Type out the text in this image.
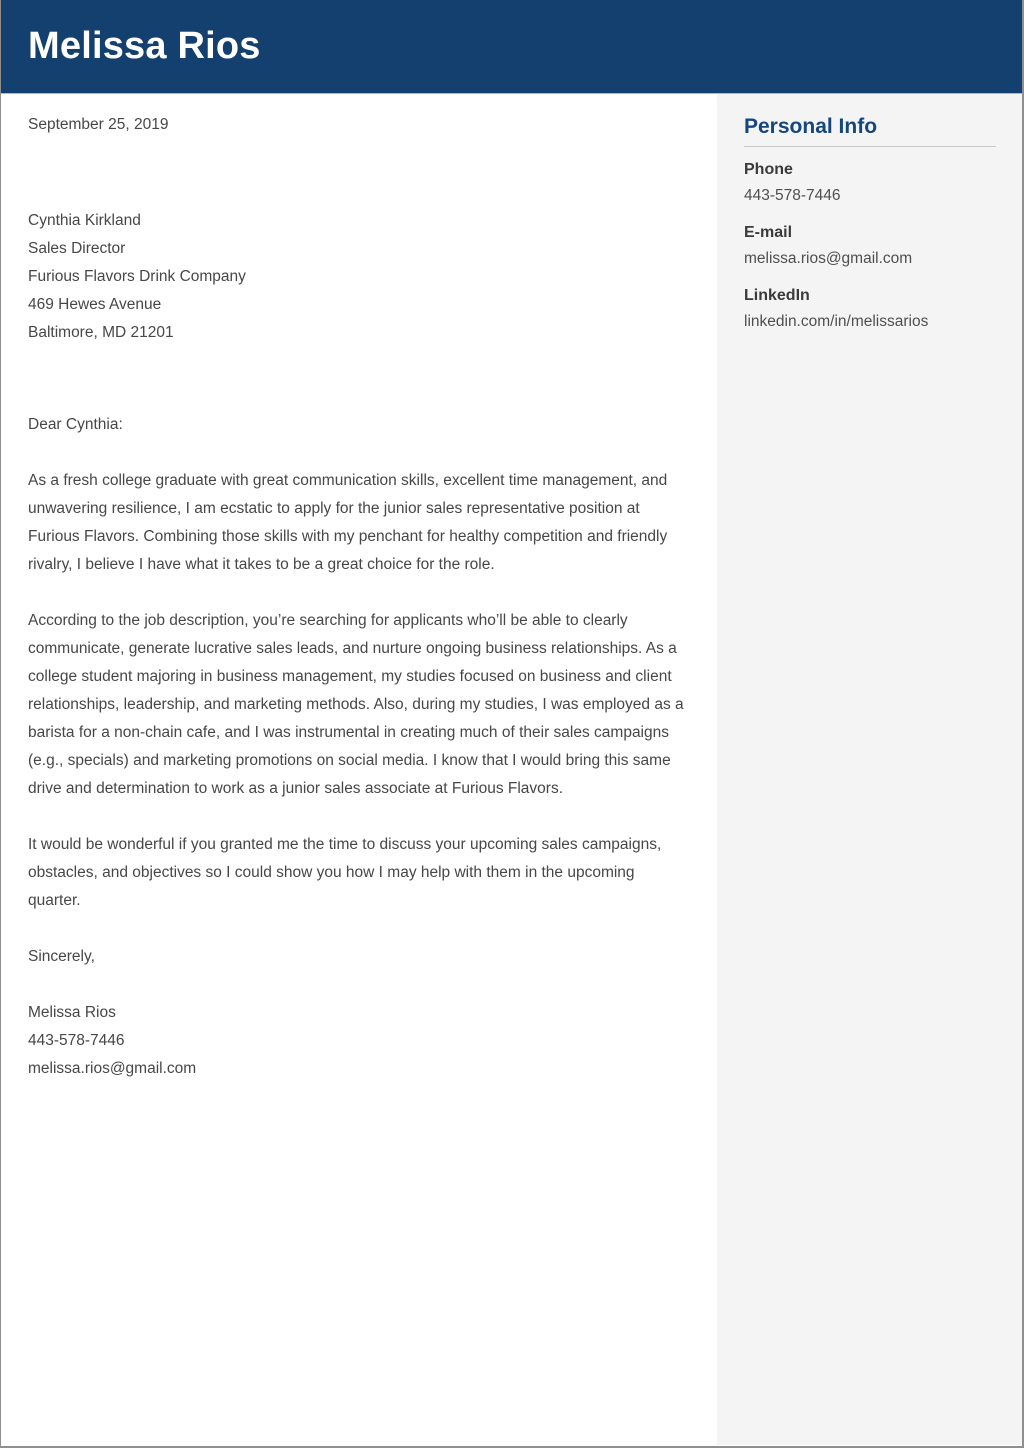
Melissa Rios

September 25, 2019

Cynthia Kirkland
Sales Director
Furious Flavors Drink Company
469 Hewes Avenue
Baltimore, MD 21201

Dear Cynthia:

As a fresh college graduate with great communication skills, excellent time management, and unwavering resilience, I am ecstatic to apply for the junior sales representative position at Furious Flavors. Combining those skills with my penchant for healthy competition and friendly rivalry, I believe I have what it takes to be a great choice for the role.

According to the job description, you’re searching for applicants who’ll be able to clearly communicate, generate lucrative sales leads, and nurture ongoing business relationships. As a college student majoring in business management, my studies focused on business and client relationships, leadership, and marketing methods. Also, during my studies, I was employed as a barista for a non-chain cafe, and I was instrumental in creating much of their sales campaigns (e.g., specials) and marketing promotions on social media. I know that I would bring this same drive and determination to work as a junior sales associate at Furious Flavors.

It would be wonderful if you granted me the time to discuss your upcoming sales campaigns, obstacles, and objectives so I could show you how I may help with them in the upcoming quarter.

Sincerely,

Melissa Rios
443-578-7446
melissa.rios@gmail.com
Personal Info
Phone
443-578-7446
E-mail
melissa.rios@gmail.com
LinkedIn
linkedin.com/in/melissarios
